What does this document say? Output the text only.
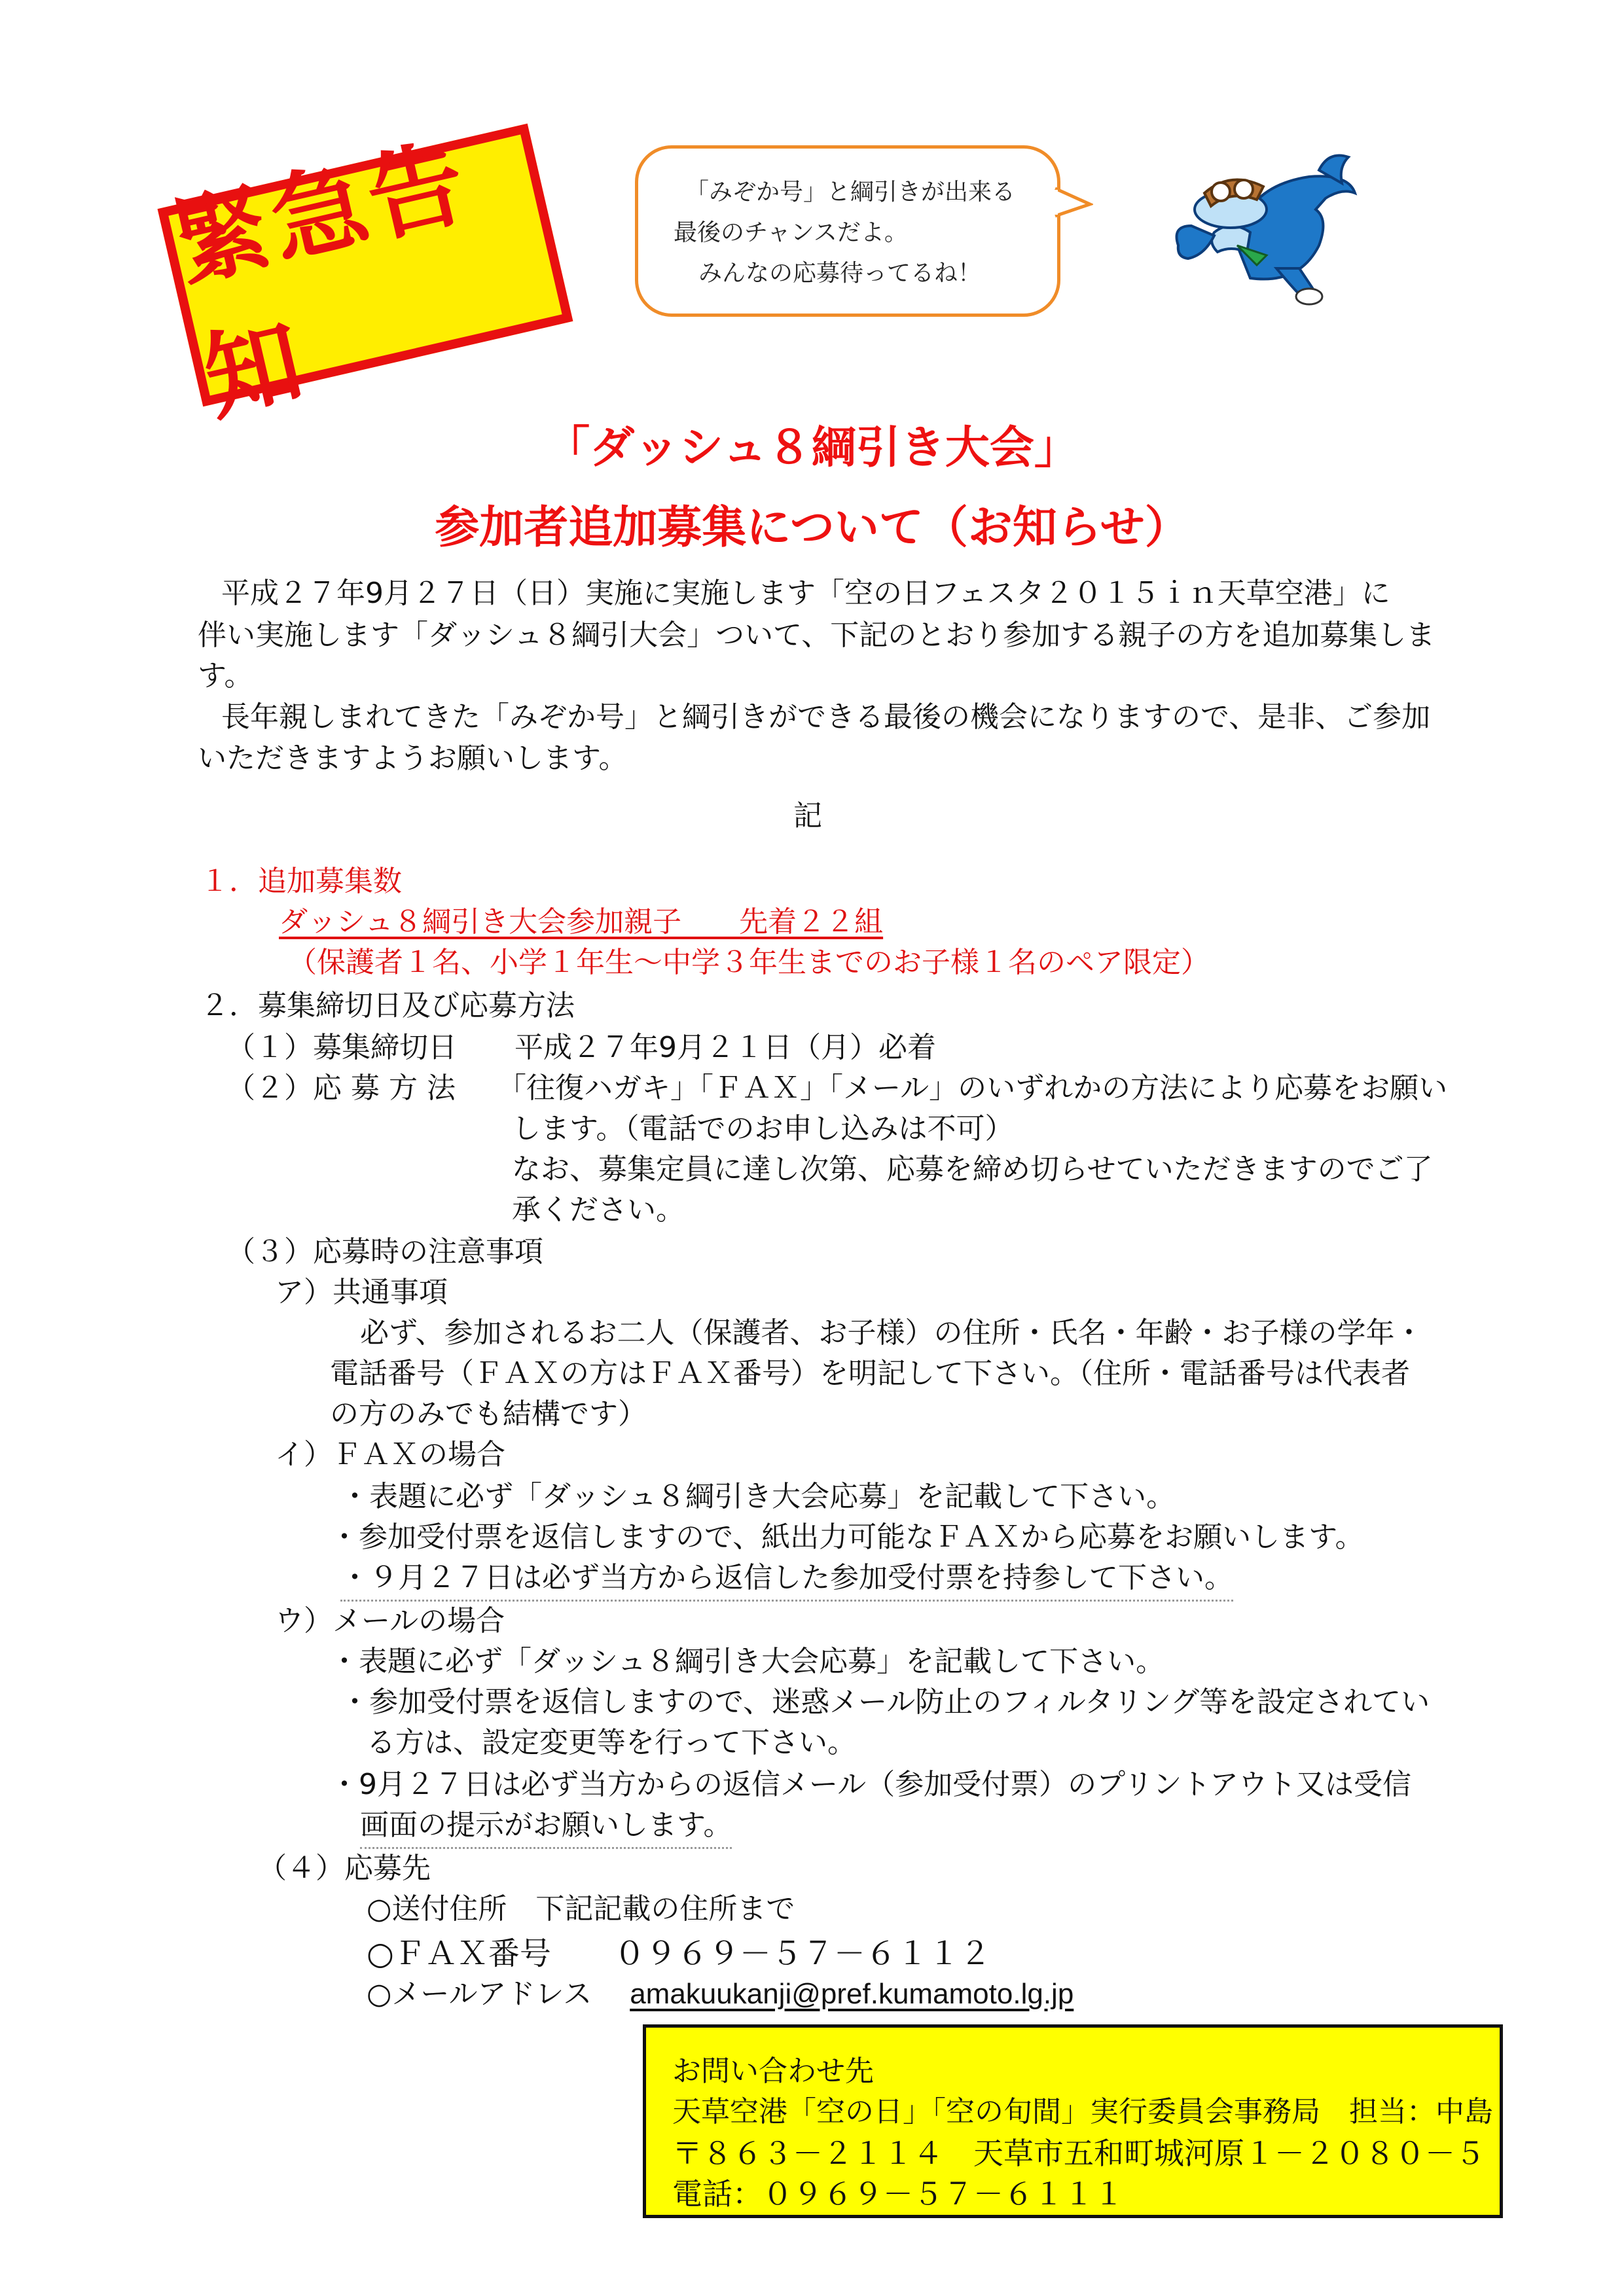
緊急告知
「みぞか号」と綱引きが出来る
最後のチャンスだよ。
みんなの応募待ってるね！
「ダッシュ８綱引き大会」
参加者追加募集について（お知らせ）
平成２７年9月２７日（日）実施に実施します「空の日フェスタ２０１５ｉｎ天草空港」に
伴い実施します「ダッシュ８綱引大会」ついて、下記のとおり参加する親子の方を追加募集しま
す。
長年親しまれてきた「みぞか号」と綱引きができる最後の機会になりますので、是非、ご参加
いただきますようお願いします。
記
１．追加募集数
ダッシュ８綱引き大会参加親子　　先着２２組
（保護者１名、小学１年生～中学３年生までのお子様１名のペア限定）
２．募集締切日及び応募方法
（１）募集締切日　　平成２７年9月２１日（月）必着
（２）応 募 方 法 「往復ハガキ」「ＦＡＸ」「メール」のいずれかの方法により応募をお願い
します。（電話でのお申し込みは不可）
なお、募集定員に達し次第、応募を締め切らせていただきますのでご了
承ください。
（３）応募時の注意事項
ア）共通事項
必ず、参加されるお二人（保護者、お子様）の住所・氏名・年齢・お子様の学年・
電話番号（ＦＡＸの方はＦＡＸ番号）を明記して下さい。（住所・電話番号は代表者
の方のみでも結構です）
イ）ＦＡＸの場合
・表題に必ず「ダッシュ８綱引き大会応募」を記載して下さい。
・参加受付票を返信しますので、紙出力可能なＦＡＸから応募をお願いします。
・９月２７日は必ず当方から返信した参加受付票を持参して下さい。
ウ）メールの場合
・表題に必ず「ダッシュ８綱引き大会応募」を記載して下さい。
・参加受付票を返信しますので、迷惑メール防止のフィルタリング等を設定されてい
る方は、設定変更等を行って下さい。
・9月２７日は必ず当方からの返信メール（参加受付票）のプリントアウト又は受信
画面の提示がお願いします。
（４）応募先
○送付住所　下記記載の住所まで
○ＦＡＸ番号　　０９６９－５７－６１１２
○メールアドレス　 amakuukanji@pref.kumamoto.lg.jp
お問い合わせ先
天草空港「空の日」「空の旬間」実行委員会事務局　担当：中島
〒８６３－２１１４　天草市五和町城河原１－２０８０－５
電話：０９６９－５７－６１１１
